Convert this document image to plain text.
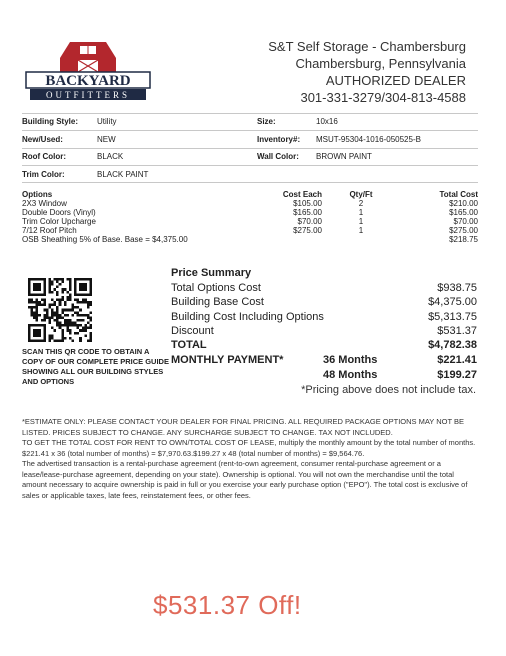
BACKYARD
OUTFITTERS
S&T Self Storage - Chambersburg
Chambersburg, Pennsylvania
AUTHORIZED DEALER
301-331-3279/304-813-4588
Building Style: Utility	Size:	10x16
New/Used:	NEW	Inventory#: MSUT-95304-1016-050525-B
Roof Color:	BLACK	Wall Color: BROWN PAINT
Trim Color:	BLACK PAINT
Options	Cost Each	Qty/Ft	Total Cost
2X3 Window	$105.00	2	$210.00
Double Doors (Vinyl)	$165.00	1	$165.00
Trim Color Upcharge	$70.00	1	$70.00
7/12 Roof Pitch	$275.00	1	$275.00
OSB Sheathing 5% of Base. Base = $4,375.00			$218.75
SCAN THIS QR CODE TO OBTAIN A COPY OF OUR COMPLETE PRICE GUIDE SHOWING ALL OUR BUILDING STYLES AND OPTIONS
Price Summary
Total Options Cost	$938.75
Building Base Cost	$4,375.00
Building Cost Including Options	$5,313.75
Discount	$531.37
TOTAL	$4,782.38
MONTHLY PAYMENT*	36 Months	$221.41
48 Months	$199.27
*Pricing above does not include tax.

*ESTIMATE ONLY: PLEASE CONTACT YOUR DEALER FOR FINAL PRICING. ALL REQUIRED PACKAGE OPTIONS MAY NOT BE LISTED. PRICES SUBJECT TO CHANGE. ANY SURCHARGE SUBJECT TO CHANGE. TAX NOT INCLUDED.

TO GET THE TOTAL COST FOR RENT TO OWN/TOTAL COST OF LEASE, multiply the monthly amount by the total number of months.

$221.41 x 36 (total number of months) = $7,970.63.$199.27 x 48 (total number of months) = $9,564.76.

The advertised transaction is a rental-purchase agreement (rent-to-own agreement, consumer rental-purchase agreement or a lease/lease-purchase agreement, depending on your state). Ownership is optional. You will not own the merchandise until the total amount necessary to acquire ownership is paid in full or you exercise your early purchase option ("EPO"). The total cost is exclusive of sales or applicable taxes, late fees, reinstatement fees, or other fees.

$531.37 Off!
